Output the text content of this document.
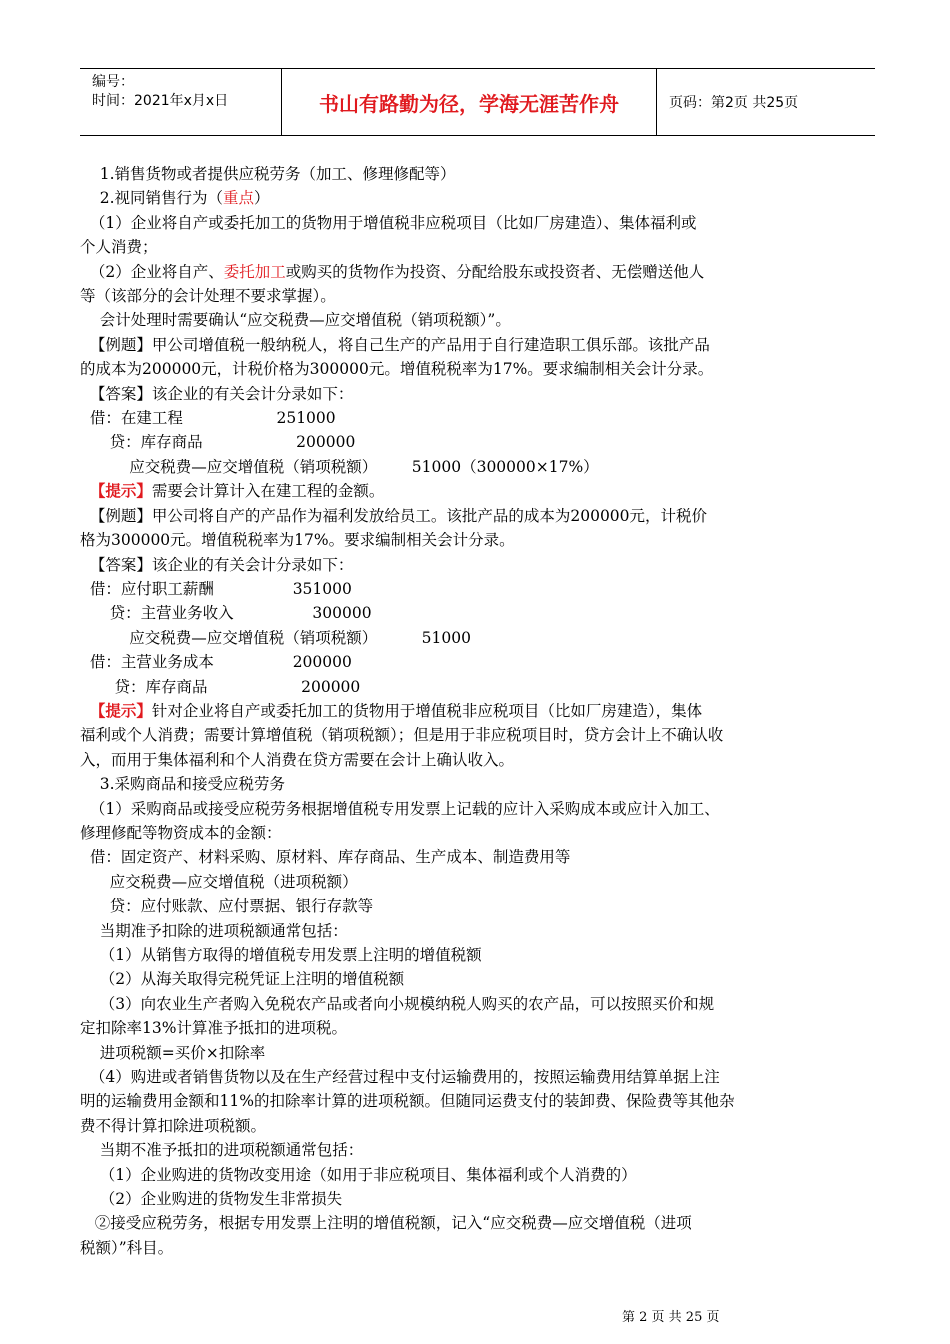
编号：
时间：2021年x月x日	书山有路勤为径，学海无涯苦作舟	页码：第2页 共25页
1.销售货物或者提供应税劳务（加工、修理修配等）
2.视同销售行为（重点）
（1）企业将自产或委托加工的货物用于增值税非应税项目（比如厂房建造）、集体福利或
个人消费；
（2）企业将自产、委托加工或购买的货物作为投资、分配给股东或投资者、无偿赠送他人
等（该部分的会计处理不要求掌握）。
会计处理时需要确认“应交税费—应交增值税（销项税额）”。
【例题】甲公司增值税一般纳税人，将自己生产的产品用于自行建造职工俱乐部。该批产品
的成本为200000元，计税价格为300000元。增值税税率为17%。要求编制相关会计分录。
【答案】该企业的有关会计分录如下：
借：在建工程                   251000
贷：库存商品                   200000
应交税费—应交增值税（销项税额）       51000（300000×17%）
【提示】需要会计算计入在建工程的金额。
【例题】甲公司将自产的产品作为福利发放给员工。该批产品的成本为200000元，计税价
格为300000元。增值税税率为17%。要求编制相关会计分录。
【答案】该企业的有关会计分录如下：
借：应付职工薪酬                351000
贷：主营业务收入                300000
应交税费—应交增值税（销项税额）         51000
借：主营业务成本                200000
贷：库存商品                   200000
【提示】针对企业将自产或委托加工的货物用于增值税非应税项目（比如厂房建造），集体
福利或个人消费；需要计算增值税（销项税额）；但是用于非应税项目时，贷方会计上不确认收
入，而用于集体福利和个人消费在贷方需要在会计上确认收入。
3.采购商品和接受应税劳务
（1）采购商品或接受应税劳务根据增值税专用发票上记载的应计入采购成本或应计入加工、
修理修配等物资成本的金额：
借：固定资产、材料采购、原材料、库存商品、生产成本、制造费用等
应交税费—应交增值税（进项税额）
贷：应付账款、应付票据、银行存款等
当期准予扣除的进项税额通常包括：
（1）从销售方取得的增值税专用发票上注明的增值税额
（2）从海关取得完税凭证上注明的增值税额
（3）向农业生产者购入免税农产品或者向小规模纳税人购买的农产品，可以按照买价和规
定扣除率13%计算准予抵扣的进项税。
进项税额=买价×扣除率
（4）购进或者销售货物以及在生产经营过程中支付运输费用的，按照运输费用结算单据上注
明的运输费用金额和11%的扣除率计算的进项税额。但随同运费支付的装卸费、保险费等其他杂
费不得计算扣除进项税额。
当期不准予抵扣的进项税额通常包括：
（1）企业购进的货物改变用途（如用于非应税项目、集体福利或个人消费的）
（2）企业购进的货物发生非常损失
②接受应税劳务，根据专用发票上注明的增值税额，记入“应交税费—应交增值税（进项
税额）”科目。
第 2 页 共 25 页
